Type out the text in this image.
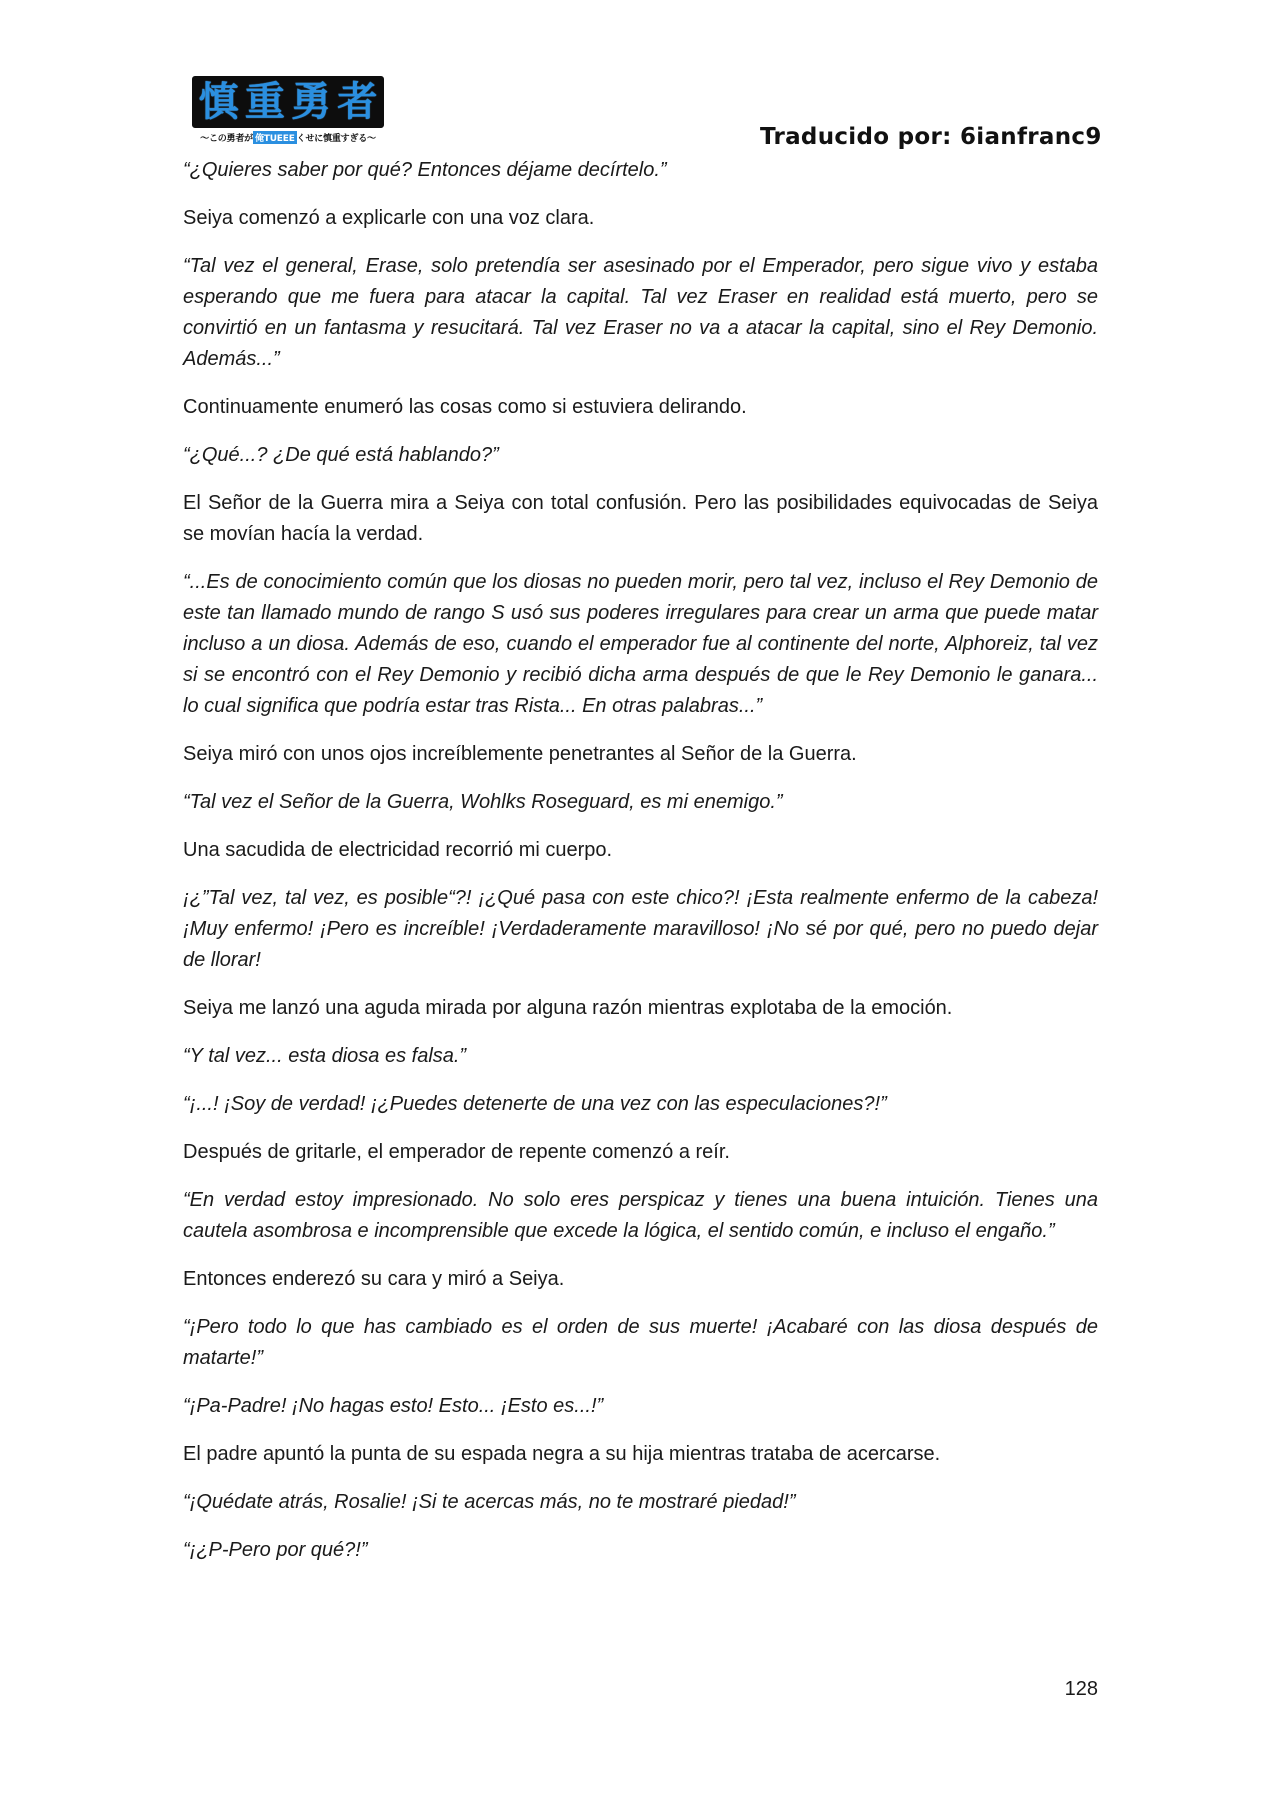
慎 重 勇 者
〜この勇者が 俺TUEEE くせに慎重すぎる〜	Traducido por: 6ianfranc9

“¿Quieres saber por qué? Entonces déjame decírtelo.”

Seiya comenzó a explicarle con una voz clara.

“Tal vez el general, Erase, solo pretendía ser asesinado por el Emperador, pero sigue vivo y estaba esperando que me fuera para atacar la capital. Tal vez Eraser en realidad está muerto, pero se convirtió en un fantasma y resucitará. Tal vez Eraser no va a atacar la capital, sino el Rey Demonio. Además...”

Continuamente enumeró las cosas como si estuviera delirando.

“¿Qué...? ¿De qué está hablando?”

El Señor de la Guerra mira a Seiya con total confusión. Pero las posibilidades equivocadas de Seiya se movían hacía la verdad.

“...Es de conocimiento común que los diosas no pueden morir, pero tal vez, incluso el Rey Demonio de este tan llamado mundo de rango S usó sus poderes irregulares para crear un arma que puede matar incluso a un diosa. Además de eso, cuando el emperador fue al continente del norte, Alphoreiz, tal vez si se encontró con el Rey Demonio y recibió dicha arma después de que le Rey Demonio le ganara... lo cual significa que podría estar tras Rista... En otras palabras...”

Seiya miró con unos ojos increíblemente penetrantes al Señor de la Guerra.

“Tal vez el Señor de la Guerra, Wohlks Roseguard, es mi enemigo.”

Una sacudida de electricidad recorrió mi cuerpo.

¡¿”Tal vez, tal vez, es posible“?! ¡¿Qué pasa con este chico?! ¡Esta realmente enfermo de la cabeza! ¡Muy enfermo! ¡Pero es increíble! ¡Verdaderamente maravilloso! ¡No sé por qué, pero no puedo dejar de llorar!

Seiya me lanzó una aguda mirada por alguna razón mientras explotaba de la emoción.

“Y tal vez... esta diosa es falsa.”

“¡...! ¡Soy de verdad! ¡¿Puedes detenerte de una vez con las especulaciones?!”

Después de gritarle, el emperador de repente comenzó a reír.

“En verdad estoy impresionado. No solo eres perspicaz y tienes una buena intuición. Tienes una cautela asombrosa e incomprensible que excede la lógica, el sentido común, e incluso el engaño.”

Entonces enderezó su cara y miró a Seiya.

“¡Pero todo lo que has cambiado es el orden de sus muerte! ¡Acabaré con las diosa después de matarte!”

“¡Pa-Padre! ¡No hagas esto! Esto... ¡Esto es...!”

El padre apuntó la punta de su espada negra a su hija mientras trataba de acercarse.

“¡Quédate atrás, Rosalie! ¡Si te acercas más, no te mostraré piedad!”

“¡¿P-Pero por qué?!”

128
